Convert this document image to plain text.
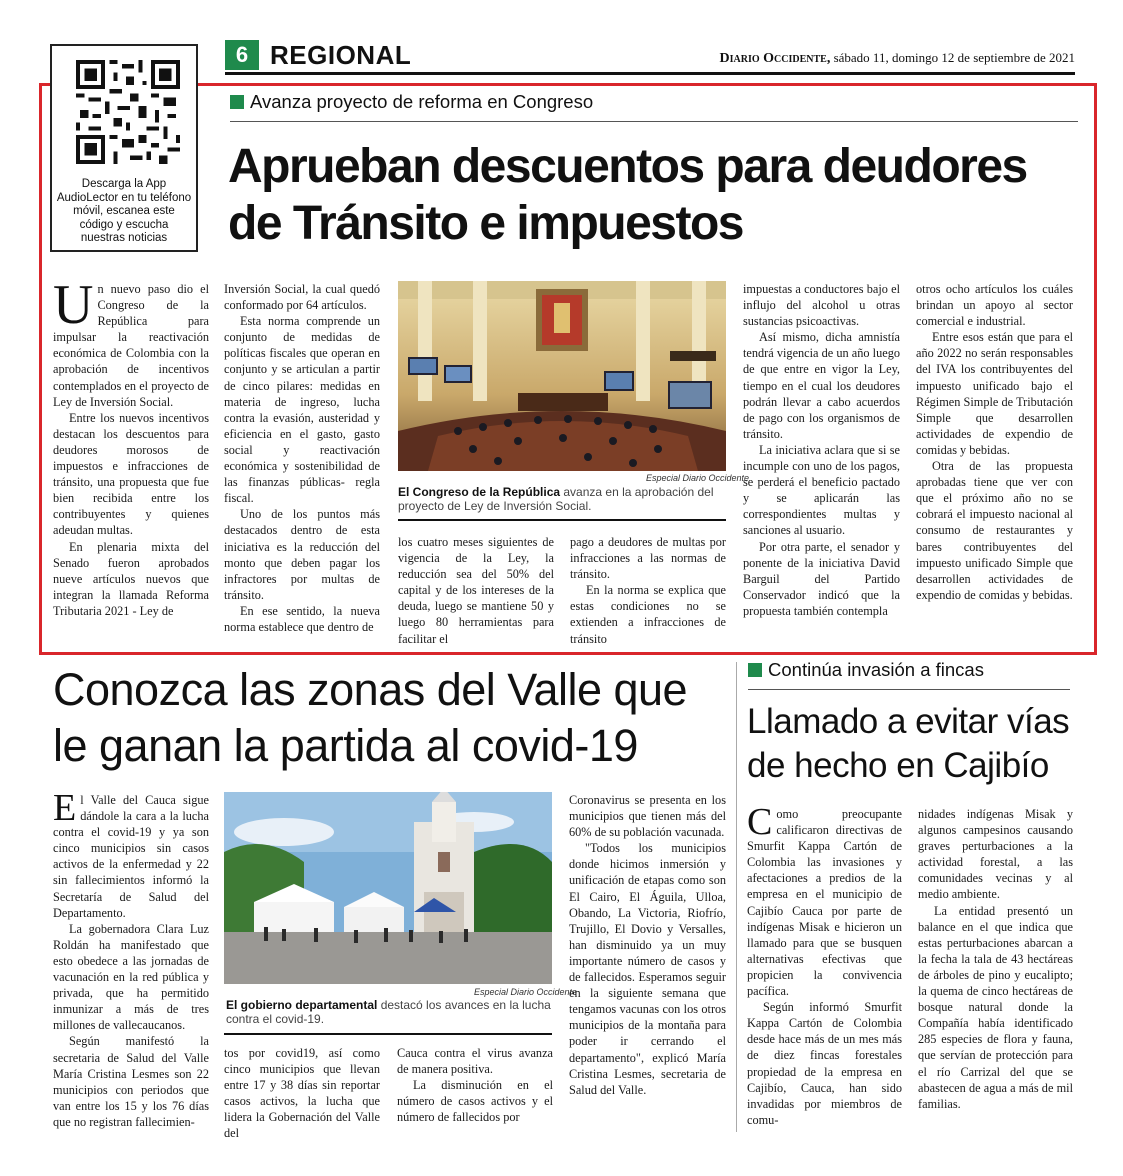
Descarga la App AudioLector en tu teléfono móvil, escanea este código y escucha nuestras noticias
6 REGIONAL	Diario Occidente, sábado 11, domingo 12 de septiembre de 2021
Avanza proyecto de reforma en Congreso
Aprueban descuentos para deudores de Tránsito e impuestos

Un nuevo paso dio el Congreso de la República para impulsar la reactivación económica de Colombia con la aprobación de incentivos contemplados en el proyecto de Ley de Inversión Social.

Entre los nuevos incentivos destacan los descuentos para deudores morosos de impuestos e infracciones de tránsito, una propuesta que fue bien recibida entre los contribuyentes y quienes adeudan multas.

En plenaria mixta del Senado fueron aprobados nueve artículos nuevos que integran la llamada Reforma Tributaria 2021 - Ley de

Inversión Social, la cual quedó conformado por 64 artículos.

Esta norma comprende un conjunto de medidas de políticas fiscales que operan en conjunto y se articulan a partir de cinco pilares: medidas en materia de ingreso, lucha contra la evasión, austeridad y eficiencia en el gasto, gasto social y reactivación económica y sostenibilidad de las finanzas públicas- regla fiscal.

Uno de los puntos más destacados dentro de esta iniciativa es la reducción del monto que deben pagar los infractores por multas de tránsito.

En ese sentido, la nueva norma establece que dentro de

Especial Diario Occidente
El Congreso de la República avanza en la aprobación del proyecto de Ley de Inversión Social.

los cuatro meses siguientes de vigencia de la Ley, la reducción sea del 50% del capital y de los intereses de la deuda, luego se mantiene 50 y luego 80 herramientas para facilitar el

pago a deudores de multas por infracciones a las normas de tránsito.

En la norma se explica que estas condiciones no se extienden a infracciones de tránsito

impuestas a conductores bajo el influjo del alcohol u otras sustancias psicoactivas.

Así mismo, dicha amnistía tendrá vigencia de un año luego de que entre en vigor la Ley, tiempo en el cual los deudores podrán llevar a cabo acuerdos de pago con los organismos de tránsito.

La iniciativa aclara que si se incumple con uno de los pagos, se perderá el beneficio pactado y se aplicarán las correspondientes multas y sanciones al usuario.

Por otra parte, el senador y ponente de la iniciativa David Barguil del Partido Conservador indicó que la propuesta también contempla

otros ocho artículos los cuáles brindan un apoyo al sector comercial e industrial.

Entre esos están que para el año 2022 no serán responsables del IVA los contribuyentes del impuesto unificado bajo el Régimen Simple de Tributación Simple que desarrollen actividades de expendio de comidas y bebidas.

Otra de las propuesta aprobadas tiene que ver con que el próximo año no se cobrará el impuesto nacional al consumo de restaurantes y bares contribuyentes del impuesto unificado Simple que desarrollen actividades de expendio de comidas y bebidas.

Conozca las zonas del Valle que le ganan la partida al covid-19

El Valle del Cauca sigue dándole la cara a la lucha contra el covid-19 y ya son cinco municipios sin casos activos de la enfermedad y 22 sin fallecimientos informó la Secretaría de Salud del Departamento.

La gobernadora Clara Luz Roldán ha manifestado que esto obedece a las jornadas de vacunación en la red pública y privada, que ha permitido inmunizar a más de tres millones de vallecaucanos.

Según manifestó la secretaria de Salud del Valle María Cristina Lesmes son 22 municipios con periodos que van entre los 15 y los 76 días que no registran fallecimien-

Especial Diario Occidente
El gobierno departamental destacó los avances en la lucha contra el covid-19.

tos por covid19, así como cinco municipios que llevan entre 17 y 38 días sin reportar casos activos, la lucha que lidera la Gobernación del Valle del

Cauca contra el virus avanza de manera positiva.

La disminución en el número de casos activos y el número de fallecidos por

Coronavirus se presenta en los municipios que tienen más del 60% de su población vacunada.

"Todos los municipios donde hicimos inmersión y unificación de etapas como son El Cairo, El Águila, Ulloa, Obando, La Victoria, Riofrío, Trujillo, El Dovio y Versalles, han disminuido ya un muy importante número de casos y de fallecidos. Esperamos seguir en la siguiente semana que tengamos vacunas con los otros municipios de la montaña para poder ir cerrando el departamento", explicó María Cristina Lesmes, secretaria de Salud del Valle.

Continúa invasión a fincas
Llamado a evitar vías de hecho en Cajibío

Como preocupante calificaron directivas de Smurfit Kappa Cartón de Colombia las invasiones y afectaciones a predios de la empresa en el municipio de Cajibío Cauca por parte de indígenas Misak e hicieron un llamado para que se busquen alternativas efectivas que propicien la convivencia pacífica.

Según informó Smurfit Kappa Cartón de Colombia desde hace más de un mes más de diez fincas forestales propiedad de la empresa en Cajibío, Cauca, han sido invadidas por miembros de comu-

nidades indígenas Misak y algunos campesinos causando graves perturbaciones a la actividad forestal, a las comunidades vecinas y al medio ambiente.

La entidad presentó un balance en el que indica que estas perturbaciones abarcan a la fecha la tala de 43 hectáreas de árboles de pino y eucalipto; la quema de cinco hectáreas de bosque natural donde la Compañía había identificado 285 especies de flora y fauna, que servían de protección para el río Carrizal del que se abastecen de agua a más de mil familias.
